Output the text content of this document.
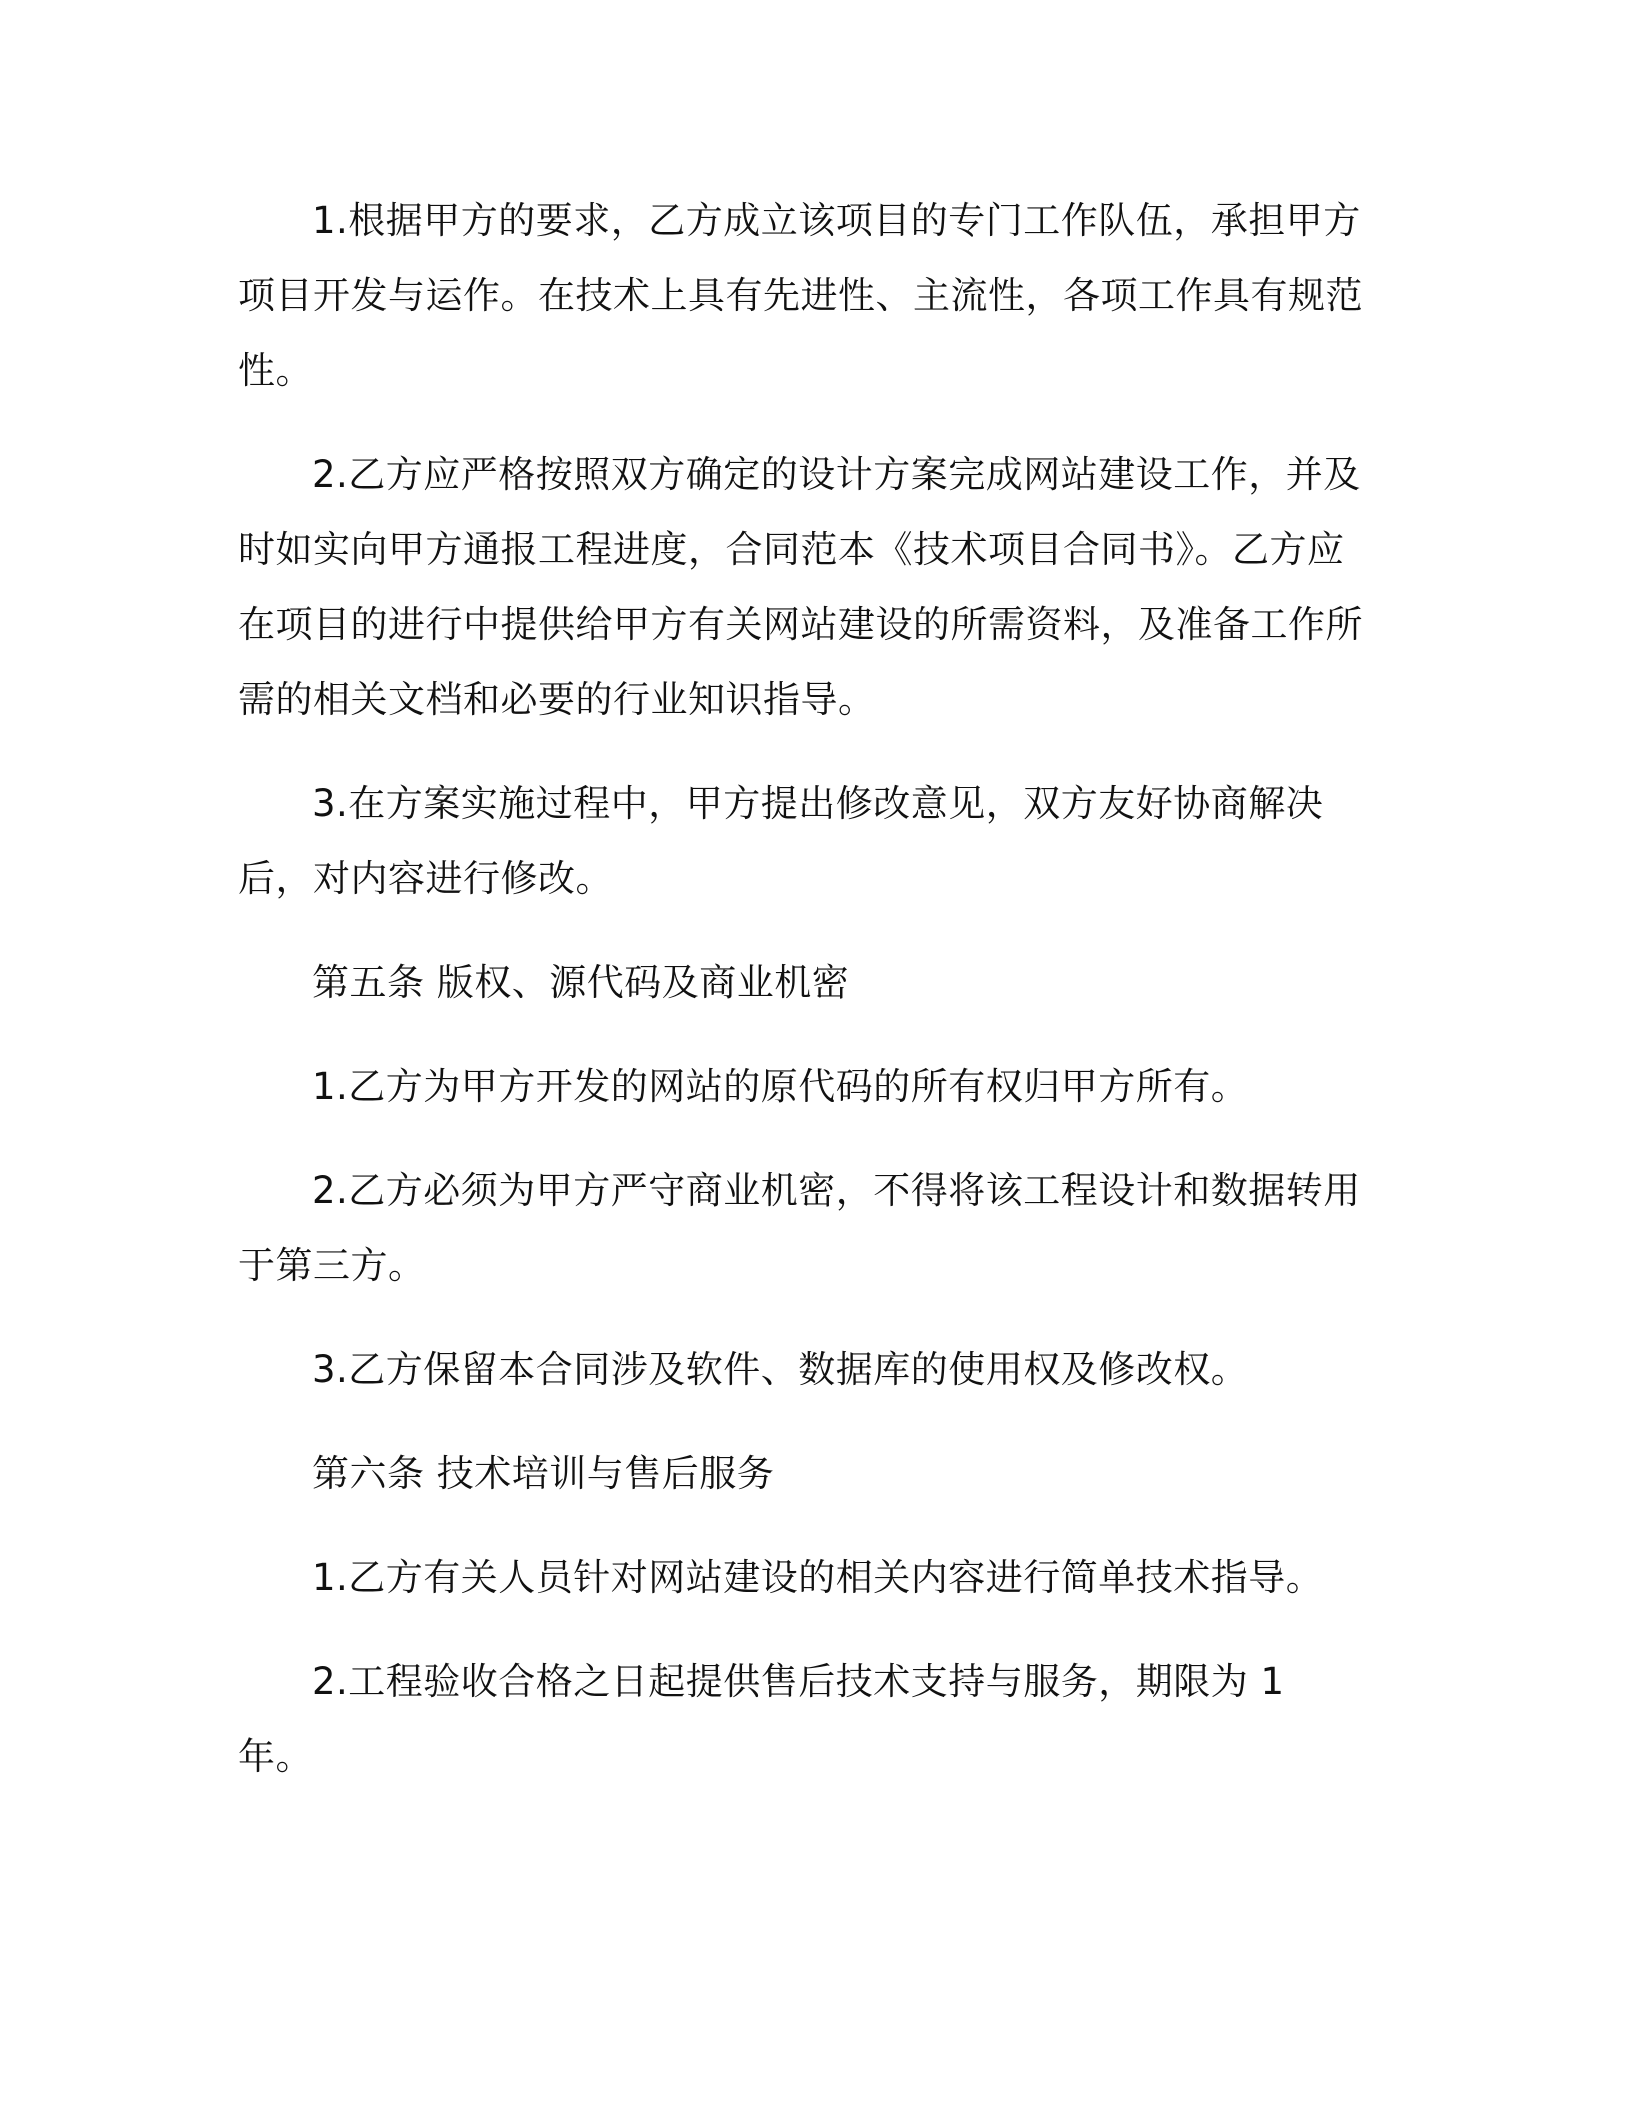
1.根据甲方的要求，乙方成立该项目的专门工作队伍，承担甲方项目开发与运作。在技术上具有先进性、主流性，各项工作具有规范性。

2.乙方应严格按照双方确定的设计方案完成网站建设工作，并及时如实向甲方通报工程进度，合同范本《技术项目合同书》。乙方应在项目的进行中提供给甲方有关网站建设的所需资料，及准备工作所需的相关文档和必要的行业知识指导。

3.在方案实施过程中，甲方提出修改意见，双方友好协商解决后，对内容进行修改。

第五条 版权、源代码及商业机密

1.乙方为甲方开发的网站的原代码的所有权归甲方所有。

2.乙方必须为甲方严守商业机密，不得将该工程设计和数据转用于第三方。

3.乙方保留本合同涉及软件、数据库的使用权及修改权。

第六条 技术培训与售后服务

1.乙方有关人员针对网站建设的相关内容进行简单技术指导。

2.工程验收合格之日起提供售后技术支持与服务，期限为 1 年。
